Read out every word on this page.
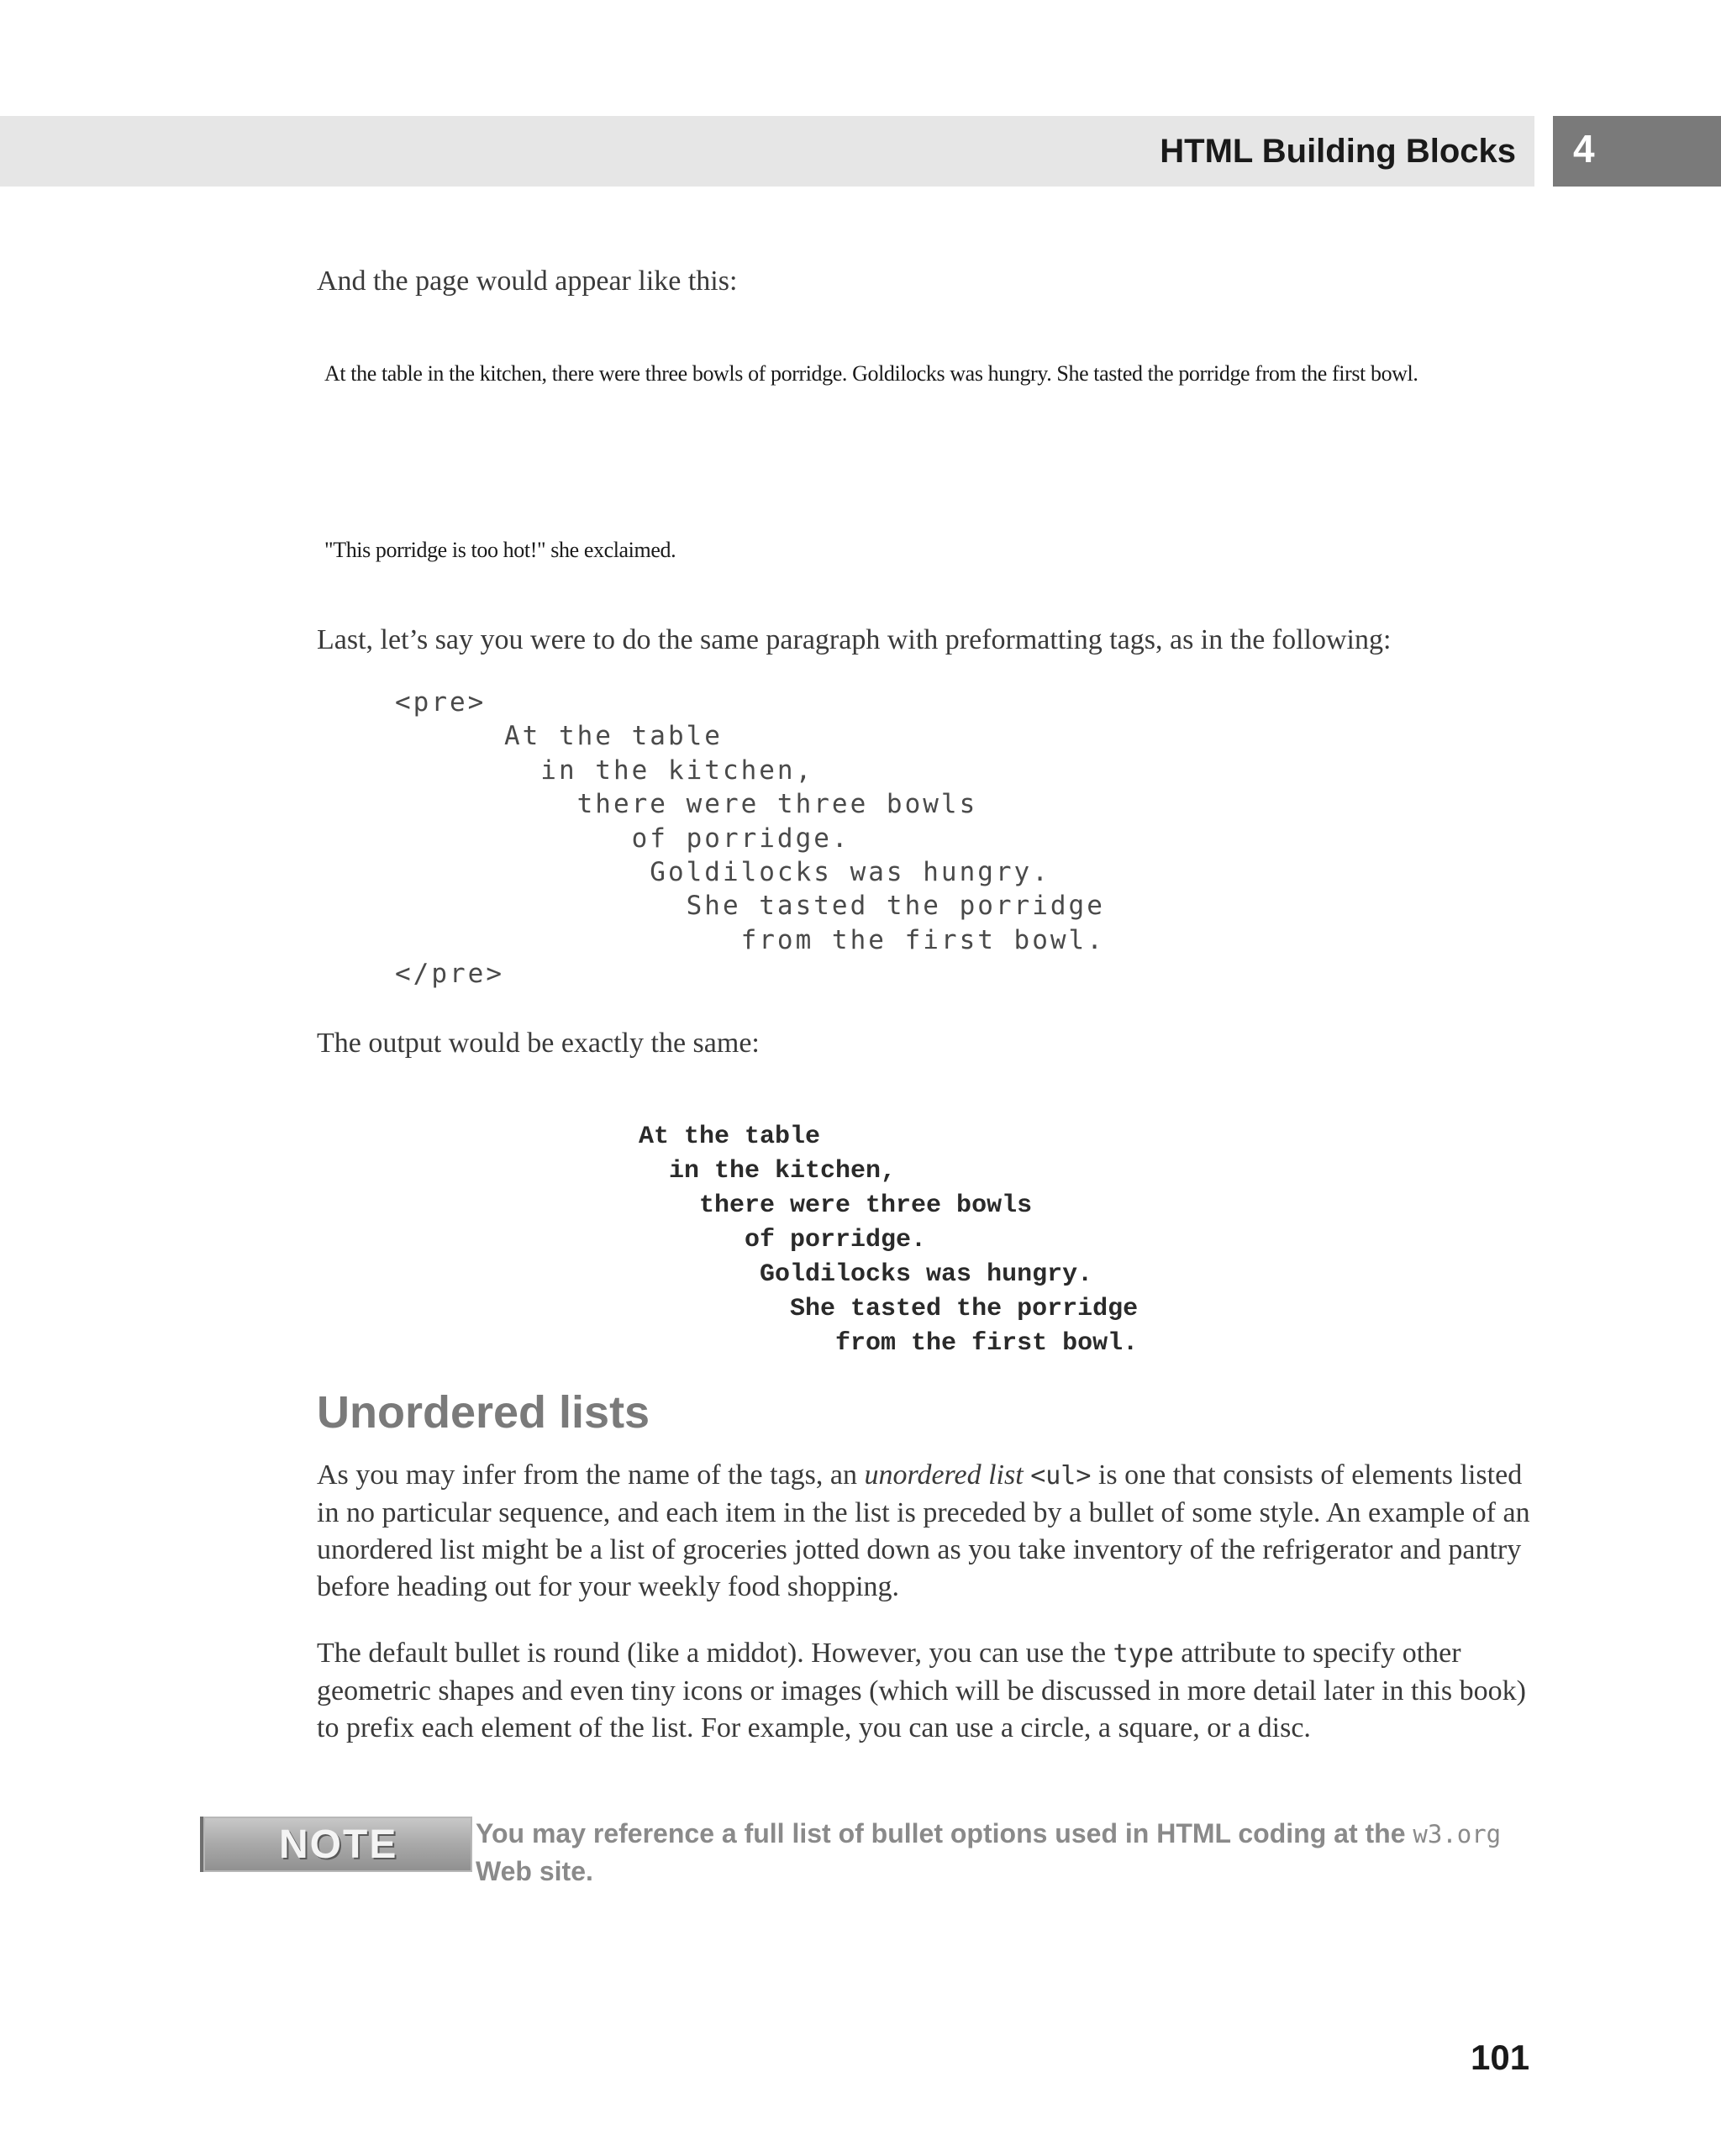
HTML Building Blocks 4
And the page would appear like this:
At the table in the kitchen, there were three bowls of porridge. Goldilocks was hungry. She tasted the porridge from the first bowl.
"This porridge is too hot!" she exclaimed.
Last, let’s say you were to do the same paragraph with preformatting tags, as in the following:
<pre>
At the table
in the kitchen,
there were three bowls
of porridge.
Goldilocks was hungry.
She tasted the porridge
from the first bowl.
</pre>
The output would be exactly the same:
At the table
in the kitchen,
there were three bowls
of porridge.
Goldilocks was hungry.
She tasted the porridge
from the first bowl.
Unordered lists
As you may infer from the name of the tags, an unordered list <ul> is one that consists of elements listed in no particular sequence, and each item in the list is preceded by a bullet of some style. An example of an unordered list might be a list of groceries jotted down as you take inventory of the refrigerator and pantry before heading out for your weekly food shopping.
The default bullet is round (like a middot). However, you can use the type attribute to specify other geometric shapes and even tiny icons or images (which will be discussed in more detail later in this book) to prefix each element of the list. For example, you can use a circle, a square, or a disc.
NOTE	You may reference a full list of bullet options used in HTML coding at the w3.org Web site.
101
